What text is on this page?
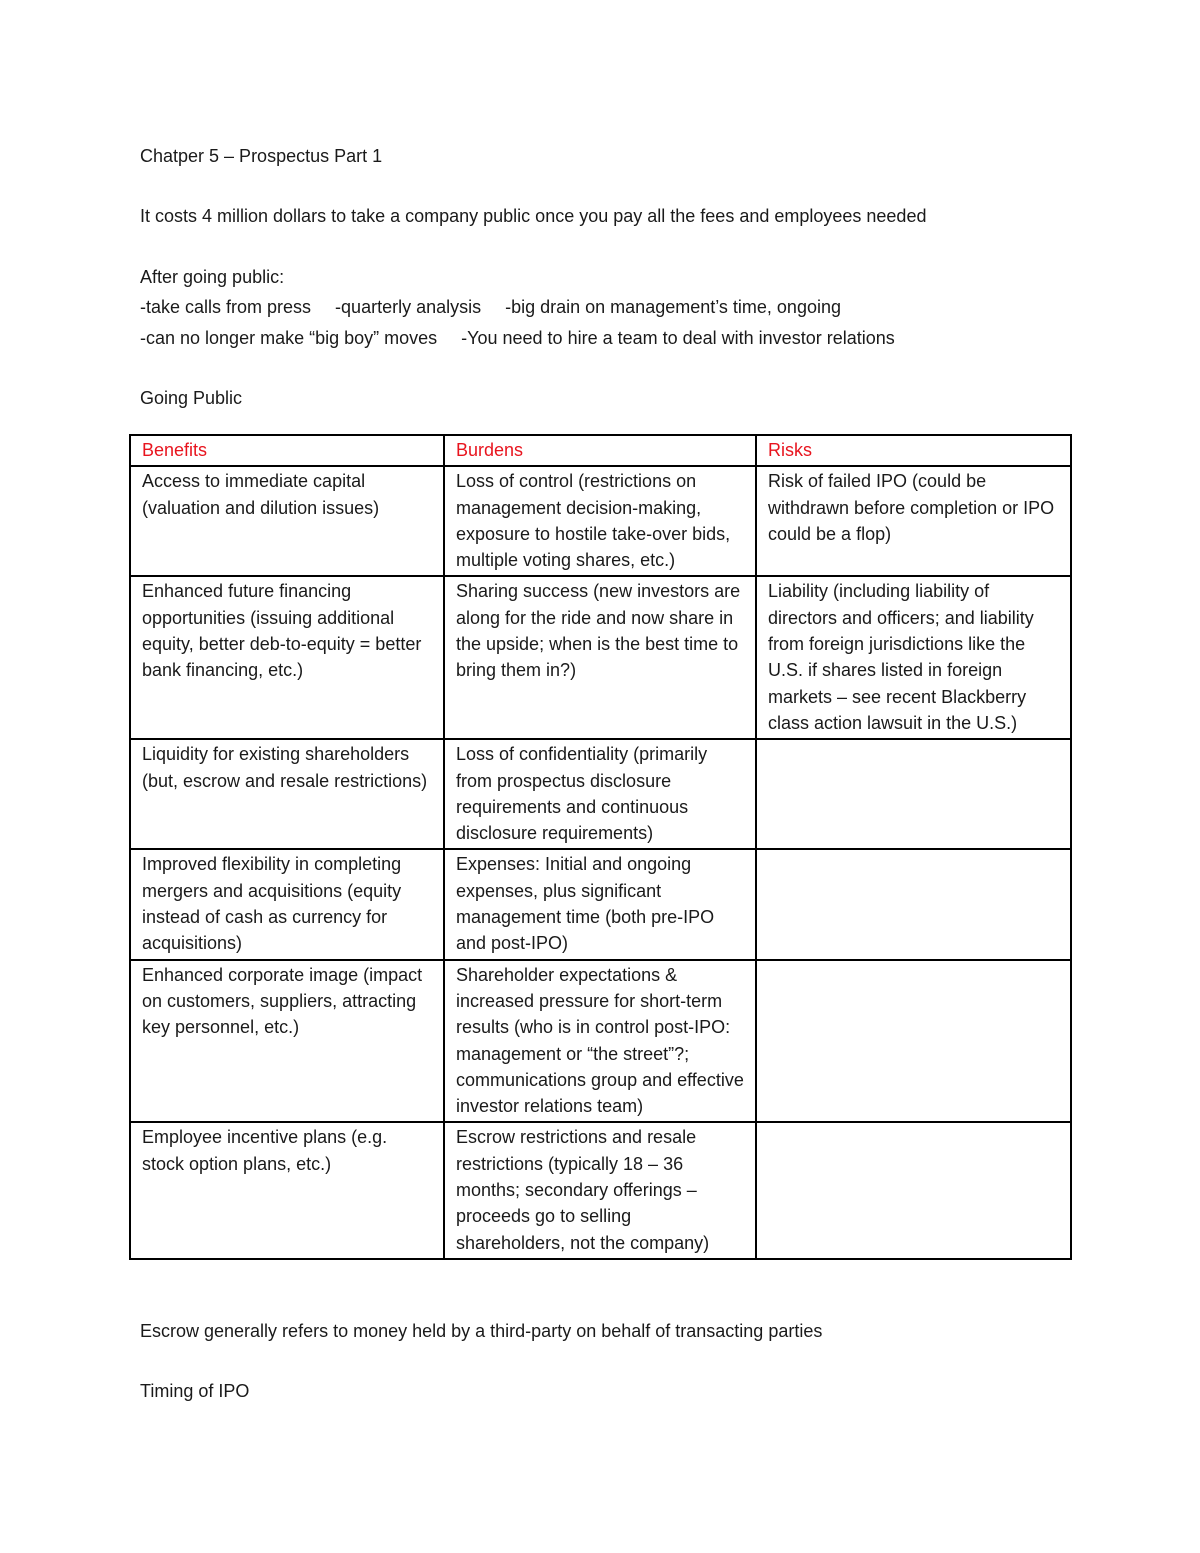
Chatper 5 – Prospectus Part 1
It costs 4 million dollars to take a company public once you pay all the fees and employees needed
After going public:
-take calls from press -quarterly analysis -big drain on management’s time, ongoing
-can no longer make “big boy” moves -You need to hire a team to deal with investor relations
Going Public
Benefits	Burdens	Risks
Access to immediate capital (valuation and dilution issues)	Loss of control (restrictions on management decision-making, exposure to hostile take-over bids, multiple voting shares, etc.)	Risk of failed IPO (could be withdrawn before completion or IPO could be a flop)
Enhanced future financing opportunities (issuing additional equity, better deb-to-equity = better bank financing, etc.)	Sharing success (new investors are along for the ride and now share in the upside; when is the best time to bring them in?)	Liability (including liability of directors and officers; and liability from foreign jurisdictions like the U.S. if shares listed in foreign markets – see recent Blackberry class action lawsuit in the U.S.)
Liquidity for existing shareholders (but, escrow and resale restrictions)	Loss of confidentiality (primarily from prospectus disclosure requirements and continuous disclosure requirements)	
Improved flexibility in completing mergers and acquisitions (equity instead of cash as currency for acquisitions)	Expenses: Initial and ongoing expenses, plus significant management time (both pre-IPO and post-IPO)	
Enhanced corporate image (impact on customers, suppliers, attracting key personnel, etc.)	Shareholder expectations & increased pressure for short-term results (who is in control post-IPO: management or “the street”?; communications group and effective investor relations team)	
Employee incentive plans (e.g. stock option plans, etc.)	Escrow restrictions and resale restrictions (typically 18 – 36 months; secondary offerings – proceeds go to selling shareholders, not the company)	
Escrow generally refers to money held by a third-party on behalf of transacting parties
Timing of IPO
